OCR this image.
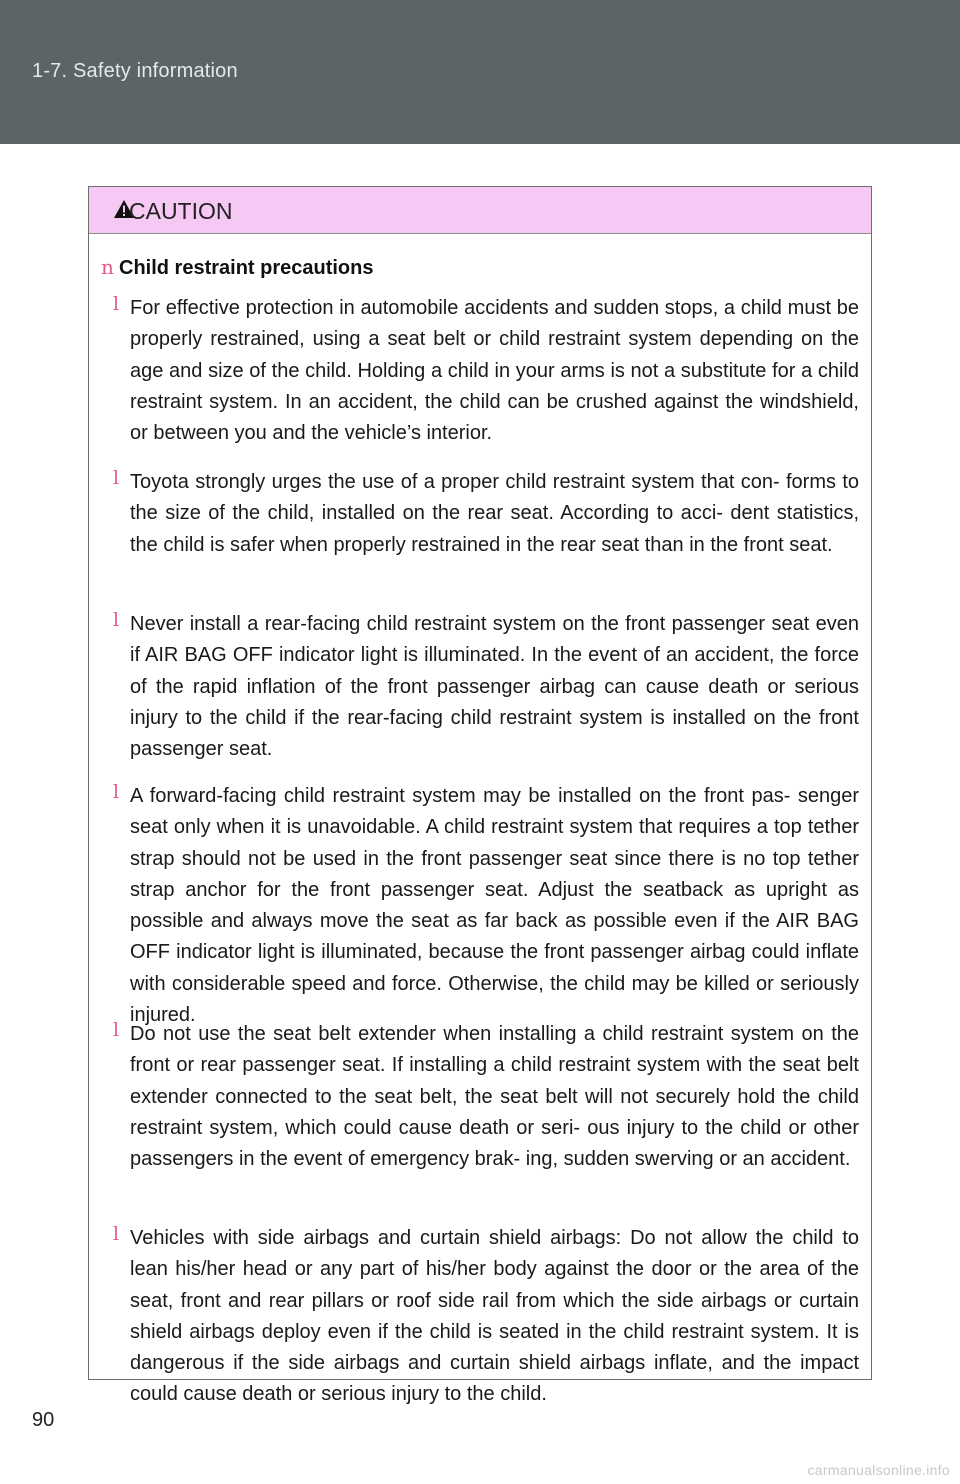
1-7. Safety information
CAUTION
n Child restraint precautions
l For effective protection in automobile accidents and sudden stops, a child must be properly restrained, using a seat belt or child restraint system depending on the age and size of the child. Holding a child in your arms is not a substitute for a child restraint system. In an accident, the child can be crushed against the windshield, or between you and the vehicle’s interior.
l Toyota strongly urges the use of a proper child restraint system that con- forms to the size of the child, installed on the rear seat. According to acci- dent statistics, the child is safer when properly restrained in the rear seat than in the front seat.
l Never install a rear-facing child restraint system on the front passenger seat even if AIR BAG OFF indicator light is illuminated. In the event of an accident, the force of the rapid inflation of the front passenger airbag can cause death or serious injury to the child if the rear-facing child restraint system is installed on the front passenger seat.
l A forward-facing child restraint system may be installed on the front pas- senger seat only when it is unavoidable. A child restraint system that requires a top tether strap should not be used in the front passenger seat since there is no top tether strap anchor for the front passenger seat. Adjust the seatback as upright as possible and always move the seat as far back as possible even if the AIR BAG OFF indicator light is illuminated, because the front passenger airbag could inflate with considerable speed and force. Otherwise, the child may be killed or seriously injured.
l Do not use the seat belt extender when installing a child restraint system on the front or rear passenger seat. If installing a child restraint system with the seat belt extender connected to the seat belt, the seat belt will not securely hold the child restraint system, which could cause death or seri- ous injury to the child or other passengers in the event of emergency brak- ing, sudden swerving or an accident.
l Vehicles with side airbags and curtain shield airbags: Do not allow the child to lean his/her head or any part of his/her body against the door or the area of the seat, front and rear pillars or roof side rail from which the side airbags or curtain shield airbags deploy even if the child is seated in the child restraint system. It is dangerous if the side airbags and curtain shield airbags inflate, and the impact could cause death or serious injury to the child.
90
carmanualsonline.info
